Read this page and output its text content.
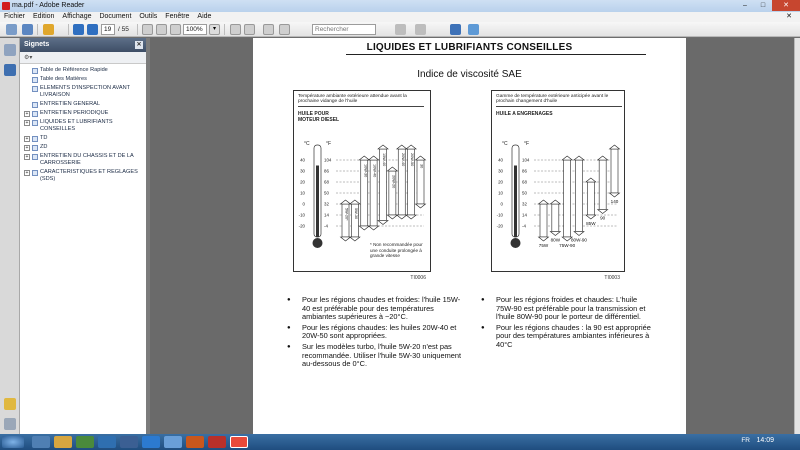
ma.pdf - Adobe Reader	–	□	✕
Fichier	Edition	Affichage	Document	Outils	Fenêtre	Aide	✕
19	/ 55	100%	▾	Rechercher
Signets	✕
⚙▾
Table de Référence Rapide
Table des Matières
ELEMENTS D'INSPECTION AVANT LIVRAISON
ENTRETIEN GENERAL
+ ENTRETIEN PERIODIQUE
+ LIQUIDES ET LUBRIFIANTS CONSEILLES
+ TD
+ ZD
+ ENTRETIEN DU CHASSIS ET DE LA CARROSSERIE
+ CARACTERISTIQUES ET REGLAGES (SDS)
LIQUIDES ET LUBRIFIANTS CONSEILLES
Indice de viscosité SAE
Température ambiante extérieure attendue avant la prochaine vidange de l'huile
HUILE POUR MOTEUR DIESEL
°C	°F
40	104
30	86
20	68
10	50
0	32
-10	14
-20	-4
5W-20* 5W-30
10W-30 10W-40
15W-40
20W-20
20W-40 20W-50 30
* Non recommandée pour une conduite prolongée à grande vitesse
TI0006
Gamme de température extérieure anticipée avant le prochain changement d'huile
HUILE A ENGRENAGES
°C	°F
40	104
30	86
20	68
10	50
0	32
-10	14
-20	-4
75W
80W
75W-90
80W-90
85W
90
140
TI0003
● Pour les régions chaudes et froides: l'huile 15W-40 est préférable pour des températures ambiantes supérieures à −20°C.
● Pour les régions chaudes: les huiles 20W-40 et 20W-50 sont appropriées.
● Sur les modèles turbo, l'huile 5W-20 n'est pas recommandée. Utiliser l'huile 5W-30 uniquement au-dessous de 0°C.
● Pour les régions froides et chaudes: L'huile 75W-90 est préférable pour la transmission et l'huile 80W-90 pour le porteur de différentiel.
● Pour les régions chaudes : la 90 est appropriée pour des températures ambiantes inférieures à 40°C
FR 14:09
